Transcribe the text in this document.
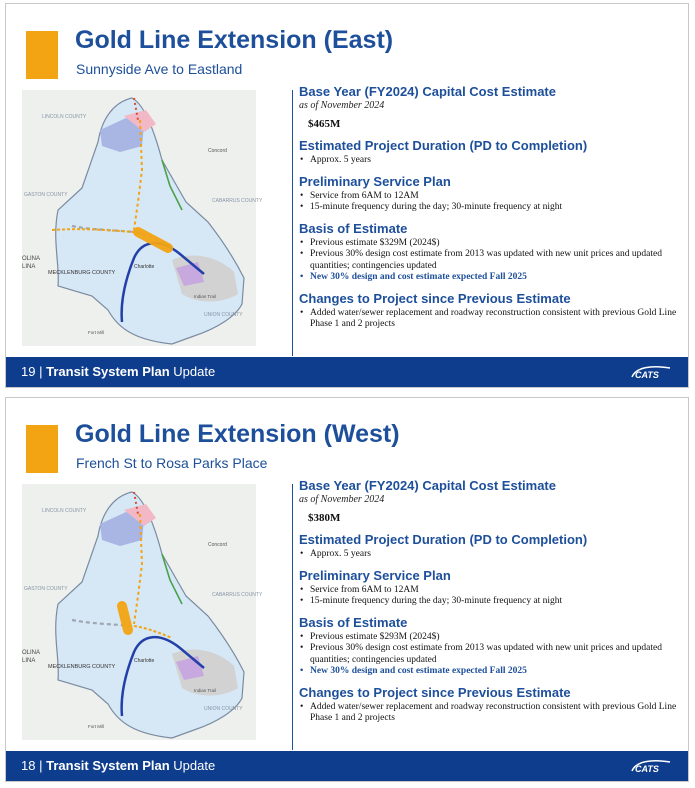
Gold Line Extension (East)
Sunnyside Ave to Eastland
LINCOLN COUNTY
Concord
CABARRUS COUNTY
GASTON COUNTY
OLINA
LINA
MECKLENBURG COUNTY
Charlotte
UNION COUNTY
Indian Trail
Fort Mill

Base Year (FY2024) Capital Cost Estimate

as of November 2024

$465M

Estimated Project Duration (PD to Completion)

• Approx. 5 years

Preliminary Service Plan

• Service from 6AM to 12AM
• 15-minute frequency during the day; 30-minute frequency at night

Basis of Estimate

• Previous estimate $329M (2024$)
• Previous 30% design cost estimate from 2013 was updated with new unit prices and updated quantities; contingencies updated
• New 30% design and cost estimate expected Fall 2025

Changes to Project since Previous Estimate

• Added water/sewer replacement and roadway reconstruction consistent with previous Gold Line Phase 1 and 2 projects
19 | Transit System Plan Update	CATS
Gold Line Extension (West)
French St to Rosa Parks Place
LINCOLN COUNTY
Concord
CABARRUS COUNTY
GASTON COUNTY
OLINA
LINA
MECKLENBURG COUNTY
Charlotte
UNION COUNTY
Indian Trail
Fort Mill

Base Year (FY2024) Capital Cost Estimate

as of November 2024

$380M

Estimated Project Duration (PD to Completion)

• Approx. 5 years

Preliminary Service Plan

• Service from 6AM to 12AM
• 15-minute frequency during the day; 30-minute frequency at night

Basis of Estimate

• Previous estimate $293M (2024$)
• Previous 30% design cost estimate from 2013 was updated with new unit prices and updated quantities; contingencies updated
• New 30% design and cost estimate expected Fall 2025

Changes to Project since Previous Estimate

• Added water/sewer replacement and roadway reconstruction consistent with previous Gold Line Phase 1 and 2 projects
18 | Transit System Plan Update	CATS
